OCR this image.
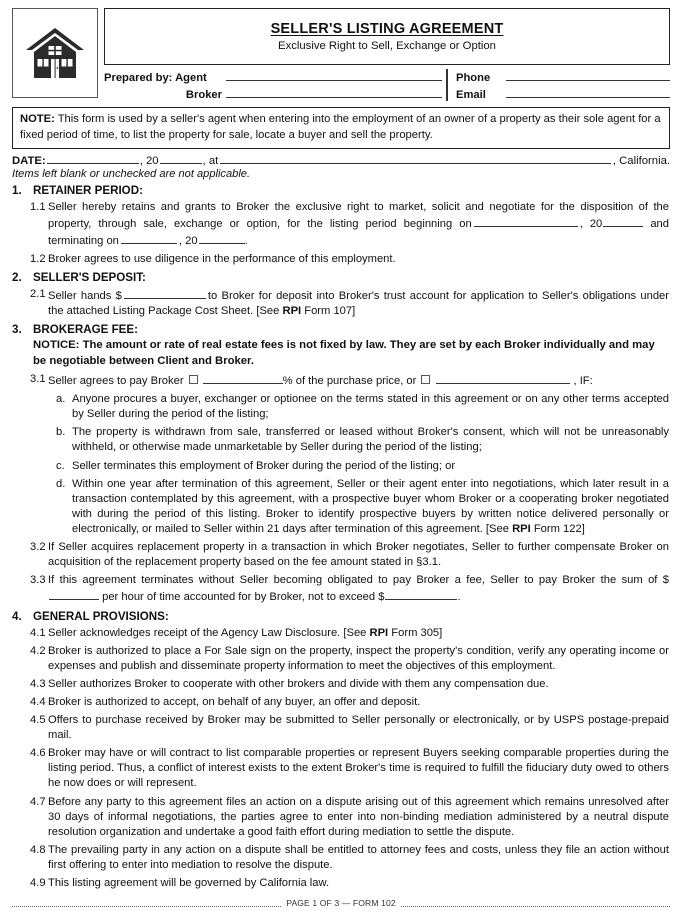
SELLER'S LISTING AGREEMENT
Exclusive Right to Sell, Exchange or Option
Prepared by: Agent
Broker
Phone
Email
NOTE: This form is used by a seller's agent when entering into the employment of an owner of a property as their sole agent for a fixed period of time, to list the property for sale, locate a buyer and sell the property.
DATE:	, 20	, at	, California.
Items left blank or unchecked are not applicable.
1. RETAINER PERIOD:
1.1 Seller hereby retains and grants to Broker the exclusive right to market, solicit and negotiate for the disposition of the property, through sale, exchange or option, for the listing period beginning on	, 20	and terminating on	, 20	.
1.2 Broker agrees to use diligence in the performance of this employment.
2. SELLER'S DEPOSIT:
2.1 Seller hands $	to Broker for deposit into Broker's trust account for application to Seller's obligations under the attached Listing Package Cost Sheet. [See RPI Form 107]
3. BROKERAGE FEE:
NOTICE: The amount or rate of real estate fees is not fixed by law. They are set by each Broker individually and may be negotiable between Client and Broker.
3.1 Seller agrees to pay Broker	% of the purchase price, or	, IF:
a. Anyone procures a buyer, exchanger or optionee on the terms stated in this agreement or on any other terms accepted by Seller during the period of the listing;
b. The property is withdrawn from sale, transferred or leased without Broker's consent, which will not be unreasonably withheld, or otherwise made unmarketable by Seller during the period of the listing;
c. Seller terminates this employment of Broker during the period of the listing; or
d. Within one year after termination of this agreement, Seller or their agent enter into negotiations, which later result in a transaction contemplated by this agreement, with a prospective buyer whom Broker or a cooperating broker negotiated with during the period of this listing. Broker to identify prospective buyers by written notice delivered personally or electronically, or mailed to Seller within 21 days after termination of this agreement. [See RPI Form 122]
3.2 If Seller acquires replacement property in a transaction in which Broker negotiates, Seller to further compensate Broker on acquisition of the replacement property based on the fee amount stated in §3.1.
3.3 If this agreement terminates without Seller becoming obligated to pay Broker a fee, Seller to pay Broker the sum of $ per hour of time accounted for by Broker, not to exceed $	.
4. GENERAL PROVISIONS:
4.1 Seller acknowledges receipt of the Agency Law Disclosure. [See RPI Form 305]
4.2 Broker is authorized to place a For Sale sign on the property, inspect the property's condition, verify any operating income or expenses and publish and disseminate property information to meet the objectives of this employment.
4.3 Seller authorizes Broker to cooperate with other brokers and divide with them any compensation due.
4.4 Broker is authorized to accept, on behalf of any buyer, an offer and deposit.
4.5 Offers to purchase received by Broker may be submitted to Seller personally or electronically, or by USPS postage-prepaid mail.
4.6 Broker may have or will contract to list comparable properties or represent Buyers seeking comparable properties during the listing period. Thus, a conflict of interest exists to the extent Broker's time is required to fulfill the fiduciary duty owed to others he now does or will represent.
4.7 Before any party to this agreement files an action on a dispute arising out of this agreement which remains unresolved after 30 days of informal negotiations, the parties agree to enter into non-binding mediation administered by a neutral dispute resolution organization and undertake a good faith effort during mediation to settle the dispute.
4.8 The prevailing party in any action on a dispute shall be entitled to attorney fees and costs, unless they file an action without first offering to enter into mediation to resolve the dispute.
4.9 This listing agreement will be governed by California law.
PAGE 1 OF 3 — FORM 102
